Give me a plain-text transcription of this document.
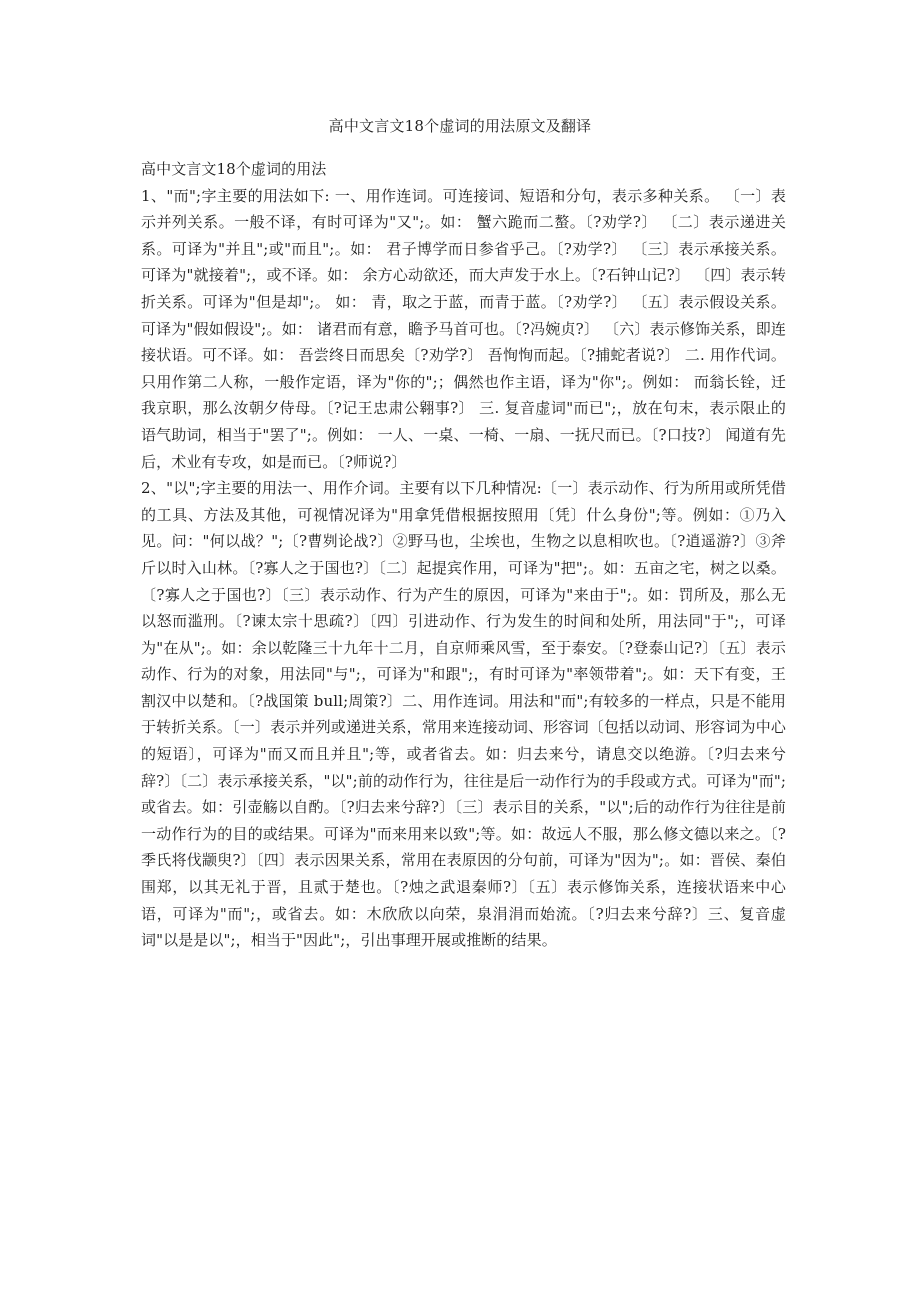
高中文言文18个虚词的用法原文及翻译

高中文言文18个虚词的用法

1、"而";字主要的用法如下: 一、用作连词。可连接词、短语和分句，表示多种关系。 〔一〕表示并列关系。一般不译，有时可译为"又";。如： 蟹六跪而二螯。〔?劝学?〕 〔二〕表示递进关系。可译为"并且";或"而且";。如： 君子博学而日参省乎己。〔?劝学?〕 〔三〕表示承接关系。可译为"就接着";，或不译。如： 余方心动欲还，而大声发于水上。〔?石钟山记?〕 〔四〕表示转折关系。可译为"但是却";。 如： 青，取之于蓝，而青于蓝。〔?劝学?〕 〔五〕表示假设关系。可译为"假如假设";。如： 诸君而有意，瞻予马首可也。〔?冯婉贞?〕 〔六〕表示修饰关系，即连接状语。可不译。如： 吾尝终日而思矣〔?劝学?〕 吾恂恂而起。〔?捕蛇者说?〕 二. 用作代词。只用作第二人称，一般作定语，译为"你的";；偶然也作主语，译为"你";。例如： 而翁长铨，迁我京职，那么汝朝夕侍母。〔?记王忠肃公翱事?〕 三. 复音虚词"而已";，放在句末，表示限止的语气助词，相当于"罢了";。例如： 一人、一桌、一椅、一扇、一抚尺而已。〔?口技?〕 闻道有先后，术业有专攻，如是而已。〔?师说?〕

2、"以";字主要的用法一、用作介词。主要有以下几种情况:〔一〕表示动作、行为所用或所凭借的工具、方法及其他，可视情况译为"用拿凭借根据按照用〔凭〕什么身份";等。例如：①乃入见。问："何以战？";〔?曹刿论战?〕②野马也，尘埃也，生物之以息相吹也。〔?逍遥游?〕③斧斤以时入山林。〔?寡人之于国也?〕〔二〕起提宾作用，可译为"把";。如：五亩之宅，树之以桑。〔?寡人之于国也?〕〔三〕表示动作、行为产生的原因，可译为"来由于";。如：罚所及，那么无以怒而滥刑。〔?谏太宗十思疏?〕〔四〕引进动作、行为发生的时间和处所，用法同"于";，可译为"在从";。如：余以乾隆三十九年十二月，自京师乘风雪，至于泰安。〔?登泰山记?〕〔五〕表示动作、行为的对象，用法同"与";，可译为"和跟";，有时可译为"率领带着";。如：天下有变，王割汉中以楚和。〔?战国策 bull;周策?〕二、用作连词。用法和"而";有较多的一样点，只是不能用于转折关系。〔一〕表示并列或递进关系，常用来连接动词、形容词〔包括以动词、形容词为中心的短语〕，可译为"而又而且并且";等，或者省去。如：归去来兮，请息交以绝游。〔?归去来兮辞?〕〔二〕表示承接关系，"以";前的动作行为，往往是后一动作行为的手段或方式。可译为"而";或省去。如：引壶觞以自酌。〔?归去来兮辞?〕〔三〕表示目的关系，"以";后的动作行为往往是前一动作行为的目的或结果。可译为"而来用来以致";等。如：故远人不服，那么修文德以来之。〔?季氏将伐颛臾?〕〔四〕表示因果关系，常用在表原因的分句前，可译为"因为";。如：晋侯、秦伯围郑，以其无礼于晋，且贰于楚也。〔?烛之武退秦师?〕〔五〕表示修饰关系，连接状语来中心语，可译为"而";，或省去。如：木欣欣以向荣，泉涓涓而始流。〔?归去来兮辞?〕三、复音虚词"以是是以";，相当于"因此";，引出事理开展或推断的结果。
